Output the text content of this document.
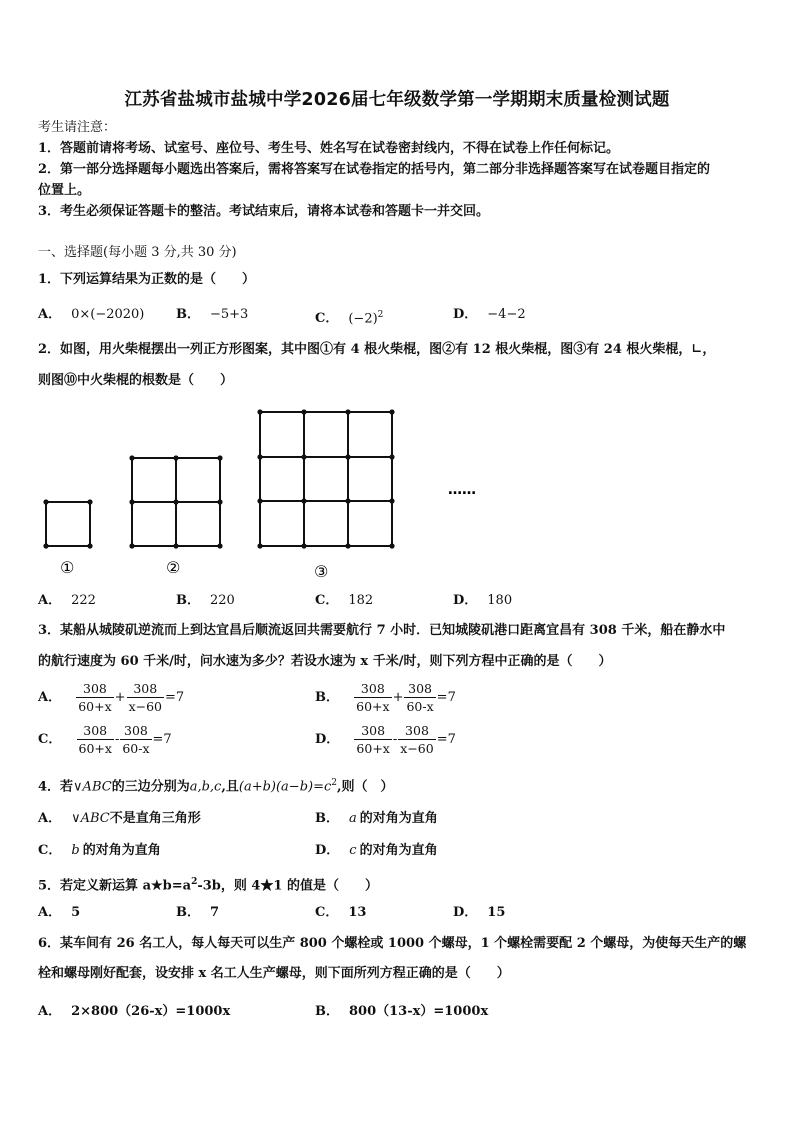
江苏省盐城市盐城中学2026届七年级数学第一学期期末质量检测试题
考生请注意：
1．答题前请将考场、试室号、座位号、考生号、姓名写在试卷密封线内，不得在试卷上作任何标记。
2．第一部分选择题每小题选出答案后，需将答案写在试卷指定的括号内，第二部分非选择题答案写在试卷题目指定的
位置上。
3．考生必须保证答题卡的整洁。考试结束后，请将本试卷和答题卡一并交回。
一、选择题(每小题 3 分,共 30 分)
1．下列运算结果为正数的是（　　）
A． 0×(−2020) B． −5+3	C． $(-2)^2$	D． −4−2
2．如图，用火柴棍摆出一列正方形图案，其中图①有 4 根火柴棍，图②有 12 根火柴棍，图③有 24 根火柴棍，∟，
则图⑩中火柴棍的根数是（　　）
……
①	②	③
A． 222	B． 220	C． 182	D． 180
3．某船从城陵矶逆流而上到达宜昌后顺流返回共需要航行 7 小时．已知城陵矶港口距离宜昌有 308 千米，船在静水中
的航行速度为 60 千米/时，问水速为多少？若设水速为 x 千米/时，则下列方程中正确的是（　　）
A． $\frac{308}{60+x} + \frac{308}{x-60} =7$	B． $\frac{308}{60+x} + \frac{308}{60-x} =7$
C． $\frac{308}{60+x} - \frac{308}{60-x} =7$	D． $\frac{308}{60+x} - \frac{308}{x-60} =7$
4．若∨ABC的三边分别为a,b,c,且$(a+b)(a-b)=c^2$,则（　）
A． ∨ABC不是直角三角形	B． a 的对角为直角
C． b 的对角为直角	D． c 的对角为直角
5．若定义新运算 $a★b=a^2-3b$，则 4★1 的值是（　　）
A． 5	B． 7	C． 13	D． 15
6．某车间有 26 名工人，每人每天可以生产 800 个螺栓或 1000 个螺母，1 个螺栓需要配 2 个螺母，为使每天生产的螺
栓和螺母刚好配套，设安排 x 名工人生产螺母，则下面所列方程正确的是（　　）
A． 2×800（26-x）=1000x	B． 800（13-x）=1000x
